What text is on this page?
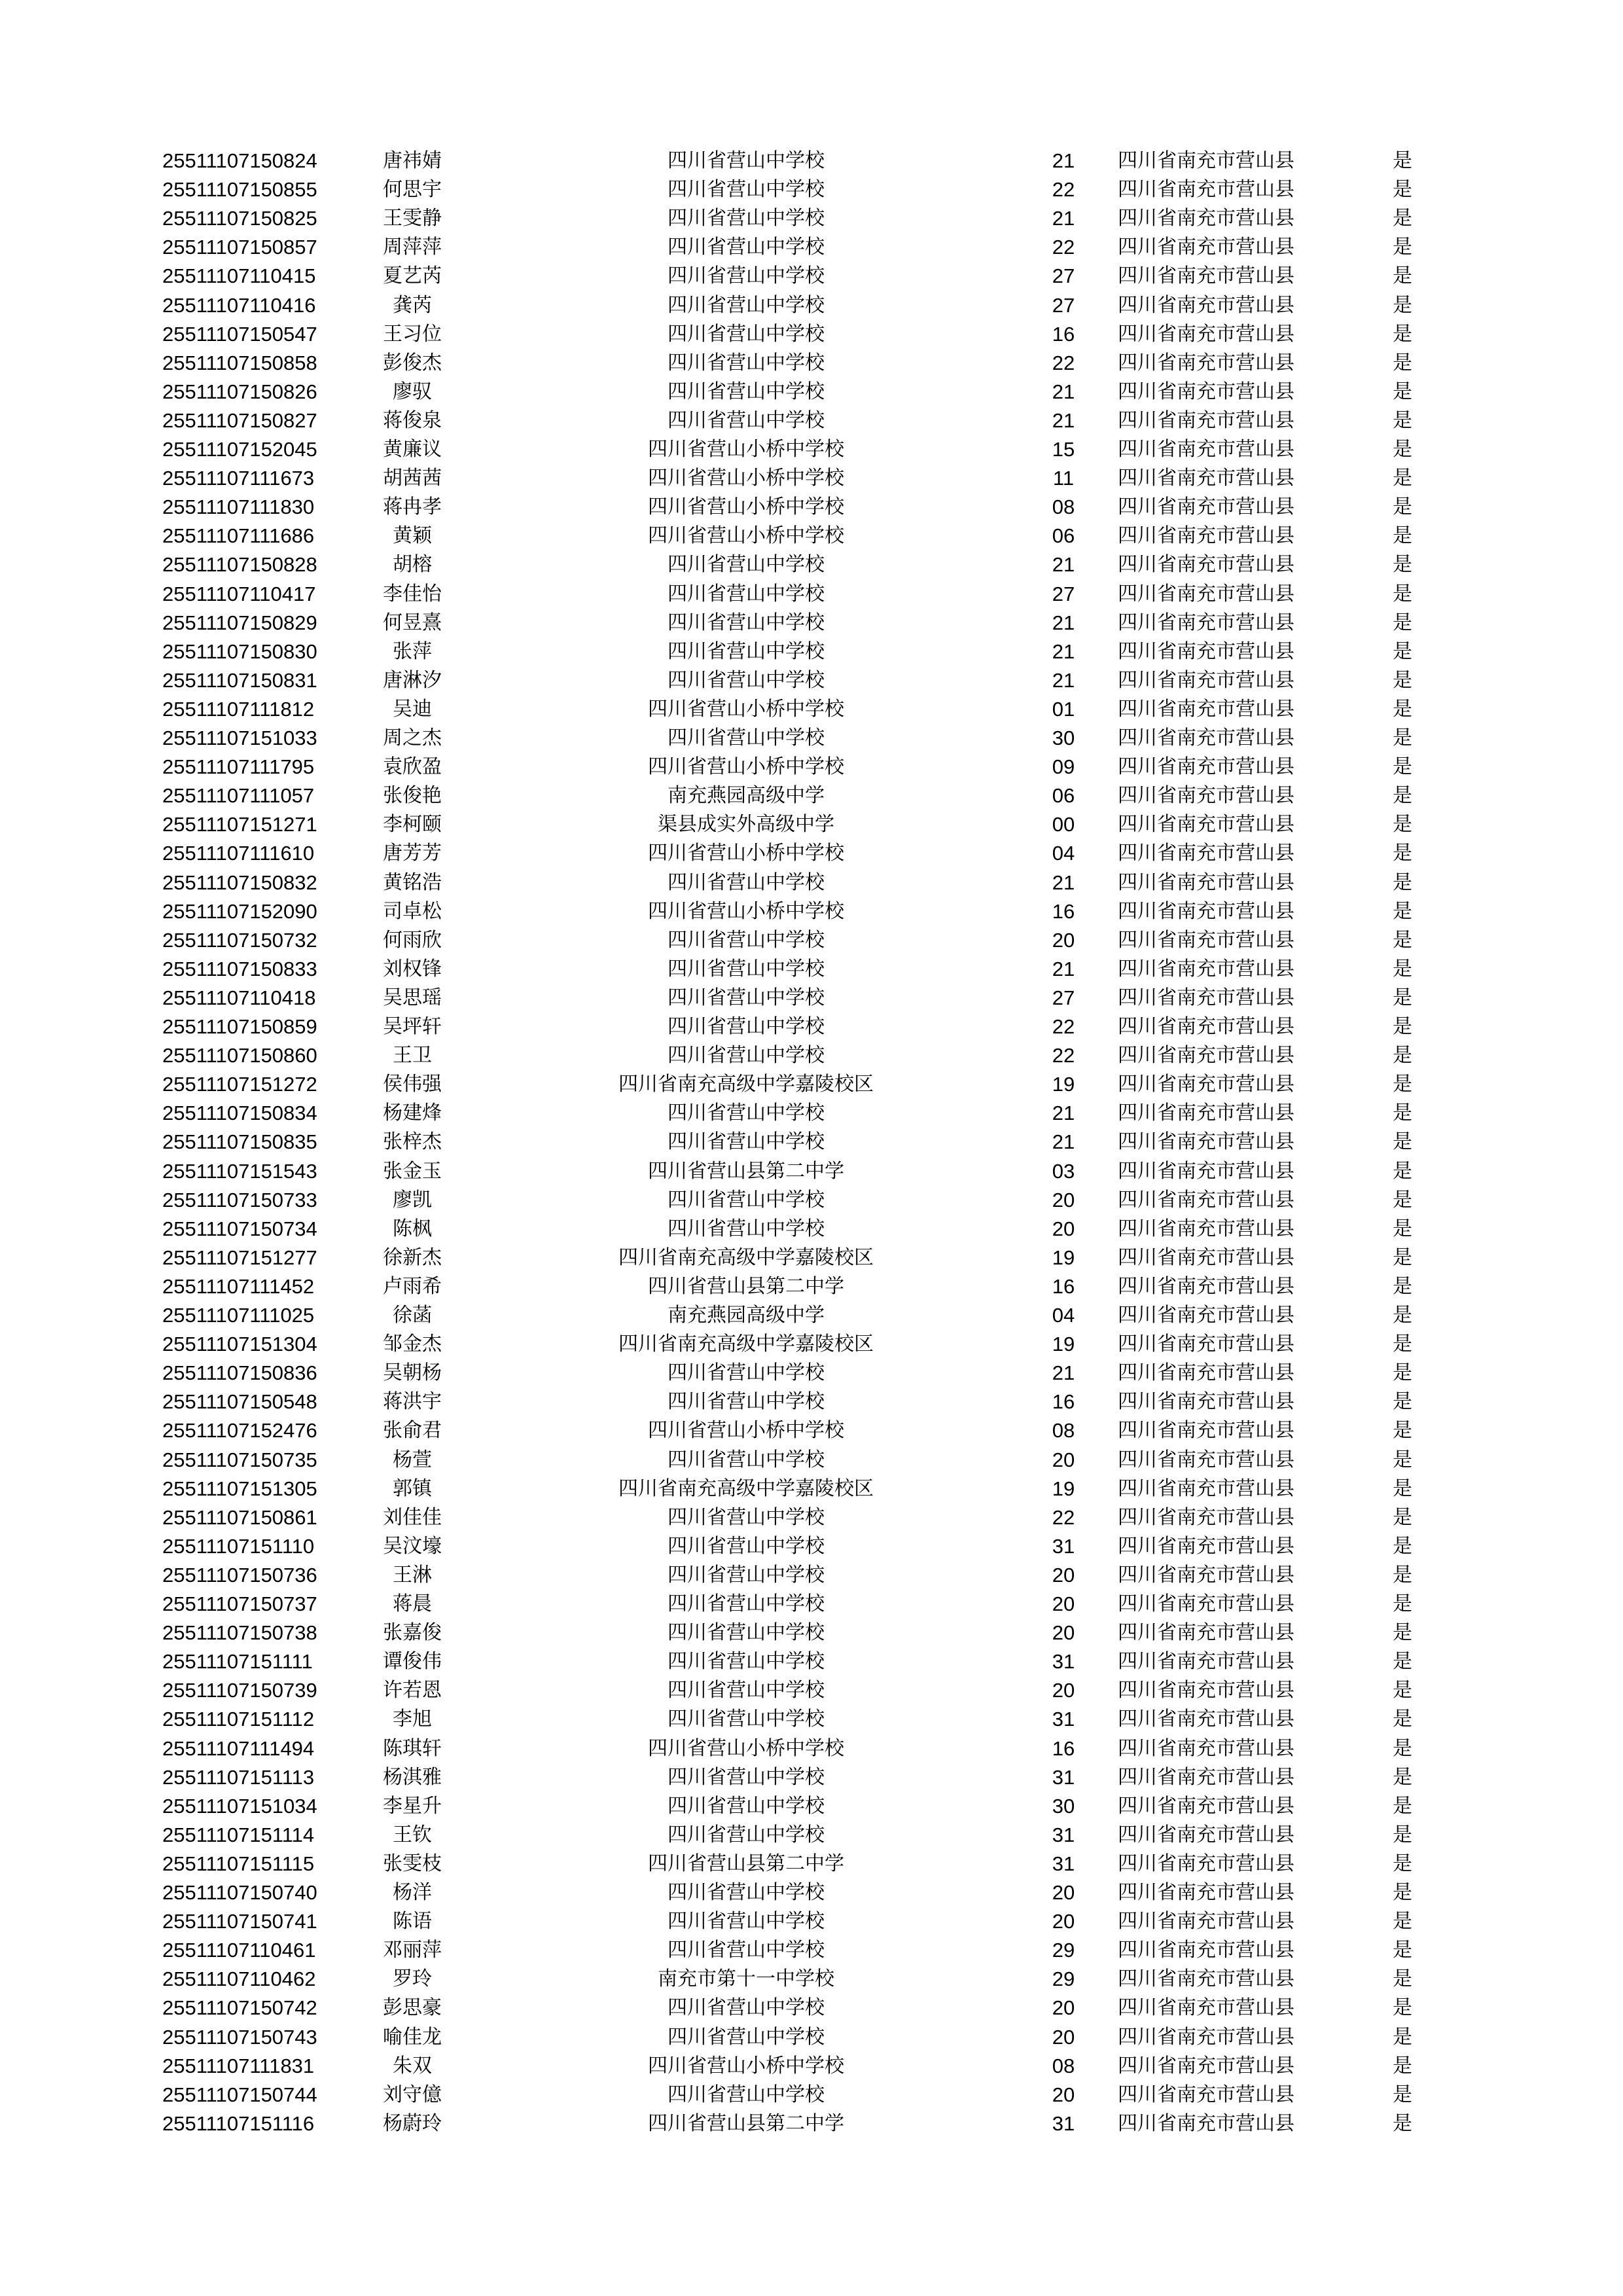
25511107150824	唐祎婧	四川省营山中学校	21	四川省南充市营山县	是
25511107150855	何思宇	四川省营山中学校	22	四川省南充市营山县	是
25511107150825	王雯静	四川省营山中学校	21	四川省南充市营山县	是
25511107150857	周萍萍	四川省营山中学校	22	四川省南充市营山县	是
25511107110415	夏艺芮	四川省营山中学校	27	四川省南充市营山县	是
25511107110416	龚芮	四川省营山中学校	27	四川省南充市营山县	是
25511107150547	王习位	四川省营山中学校	16	四川省南充市营山县	是
25511107150858	彭俊杰	四川省营山中学校	22	四川省南充市营山县	是
25511107150826	廖驭	四川省营山中学校	21	四川省南充市营山县	是
25511107150827	蒋俊泉	四川省营山中学校	21	四川省南充市营山县	是
25511107152045	黄廉议	四川省营山小桥中学校	15	四川省南充市营山县	是
25511107111673	胡茜茜	四川省营山小桥中学校	11	四川省南充市营山县	是
25511107111830	蒋冉孝	四川省营山小桥中学校	08	四川省南充市营山县	是
25511107111686	黄颖	四川省营山小桥中学校	06	四川省南充市营山县	是
25511107150828	胡榕	四川省营山中学校	21	四川省南充市营山县	是
25511107110417	李佳怡	四川省营山中学校	27	四川省南充市营山县	是
25511107150829	何昱熹	四川省营山中学校	21	四川省南充市营山县	是
25511107150830	张萍	四川省营山中学校	21	四川省南充市营山县	是
25511107150831	唐淋汐	四川省营山中学校	21	四川省南充市营山县	是
25511107111812	吴迪	四川省营山小桥中学校	01	四川省南充市营山县	是
25511107151033	周之杰	四川省营山中学校	30	四川省南充市营山县	是
25511107111795	袁欣盈	四川省营山小桥中学校	09	四川省南充市营山县	是
25511107111057	张俊艳	南充燕园高级中学	06	四川省南充市营山县	是
25511107151271	李柯颐	渠县成实外高级中学	00	四川省南充市营山县	是
25511107111610	唐芳芳	四川省营山小桥中学校	04	四川省南充市营山县	是
25511107150832	黄铭浩	四川省营山中学校	21	四川省南充市营山县	是
25511107152090	司卓松	四川省营山小桥中学校	16	四川省南充市营山县	是
25511107150732	何雨欣	四川省营山中学校	20	四川省南充市营山县	是
25511107150833	刘权锋	四川省营山中学校	21	四川省南充市营山县	是
25511107110418	吴思瑶	四川省营山中学校	27	四川省南充市营山县	是
25511107150859	吴坪轩	四川省营山中学校	22	四川省南充市营山县	是
25511107150860	王卫	四川省营山中学校	22	四川省南充市营山县	是
25511107151272	侯伟强	四川省南充高级中学嘉陵校区	19	四川省南充市营山县	是
25511107150834	杨建烽	四川省营山中学校	21	四川省南充市营山县	是
25511107150835	张梓杰	四川省营山中学校	21	四川省南充市营山县	是
25511107151543	张金玉	四川省营山县第二中学	03	四川省南充市营山县	是
25511107150733	廖凯	四川省营山中学校	20	四川省南充市营山县	是
25511107150734	陈枫	四川省营山中学校	20	四川省南充市营山县	是
25511107151277	徐新杰	四川省南充高级中学嘉陵校区	19	四川省南充市营山县	是
25511107111452	卢雨希	四川省营山县第二中学	16	四川省南充市营山县	是
25511107111025	徐菡	南充燕园高级中学	04	四川省南充市营山县	是
25511107151304	邹金杰	四川省南充高级中学嘉陵校区	19	四川省南充市营山县	是
25511107150836	吴朝杨	四川省营山中学校	21	四川省南充市营山县	是
25511107150548	蒋洪宇	四川省营山中学校	16	四川省南充市营山县	是
25511107152476	张俞君	四川省营山小桥中学校	08	四川省南充市营山县	是
25511107150735	杨萱	四川省营山中学校	20	四川省南充市营山县	是
25511107151305	郭镇	四川省南充高级中学嘉陵校区	19	四川省南充市营山县	是
25511107150861	刘佳佳	四川省营山中学校	22	四川省南充市营山县	是
25511107151110	吴汶壕	四川省营山中学校	31	四川省南充市营山县	是
25511107150736	王淋	四川省营山中学校	20	四川省南充市营山县	是
25511107150737	蒋晨	四川省营山中学校	20	四川省南充市营山县	是
25511107150738	张嘉俊	四川省营山中学校	20	四川省南充市营山县	是
25511107151111	谭俊伟	四川省营山中学校	31	四川省南充市营山县	是
25511107150739	许若恩	四川省营山中学校	20	四川省南充市营山县	是
25511107151112	李旭	四川省营山中学校	31	四川省南充市营山县	是
25511107111494	陈琪轩	四川省营山小桥中学校	16	四川省南充市营山县	是
25511107151113	杨淇雅	四川省营山中学校	31	四川省南充市营山县	是
25511107151034	李星升	四川省营山中学校	30	四川省南充市营山县	是
25511107151114	王钦	四川省营山中学校	31	四川省南充市营山县	是
25511107151115	张雯枝	四川省营山县第二中学	31	四川省南充市营山县	是
25511107150740	杨洋	四川省营山中学校	20	四川省南充市营山县	是
25511107150741	陈语	四川省营山中学校	20	四川省南充市营山县	是
25511107110461	邓丽萍	四川省营山中学校	29	四川省南充市营山县	是
25511107110462	罗玲	南充市第十一中学校	29	四川省南充市营山县	是
25511107150742	彭思豪	四川省营山中学校	20	四川省南充市营山县	是
25511107150743	喻佳龙	四川省营山中学校	20	四川省南充市营山县	是
25511107111831	朱双	四川省营山小桥中学校	08	四川省南充市营山县	是
25511107150744	刘守億	四川省营山中学校	20	四川省南充市营山县	是
25511107151116	杨蔚玲	四川省营山县第二中学	31	四川省南充市营山县	是
